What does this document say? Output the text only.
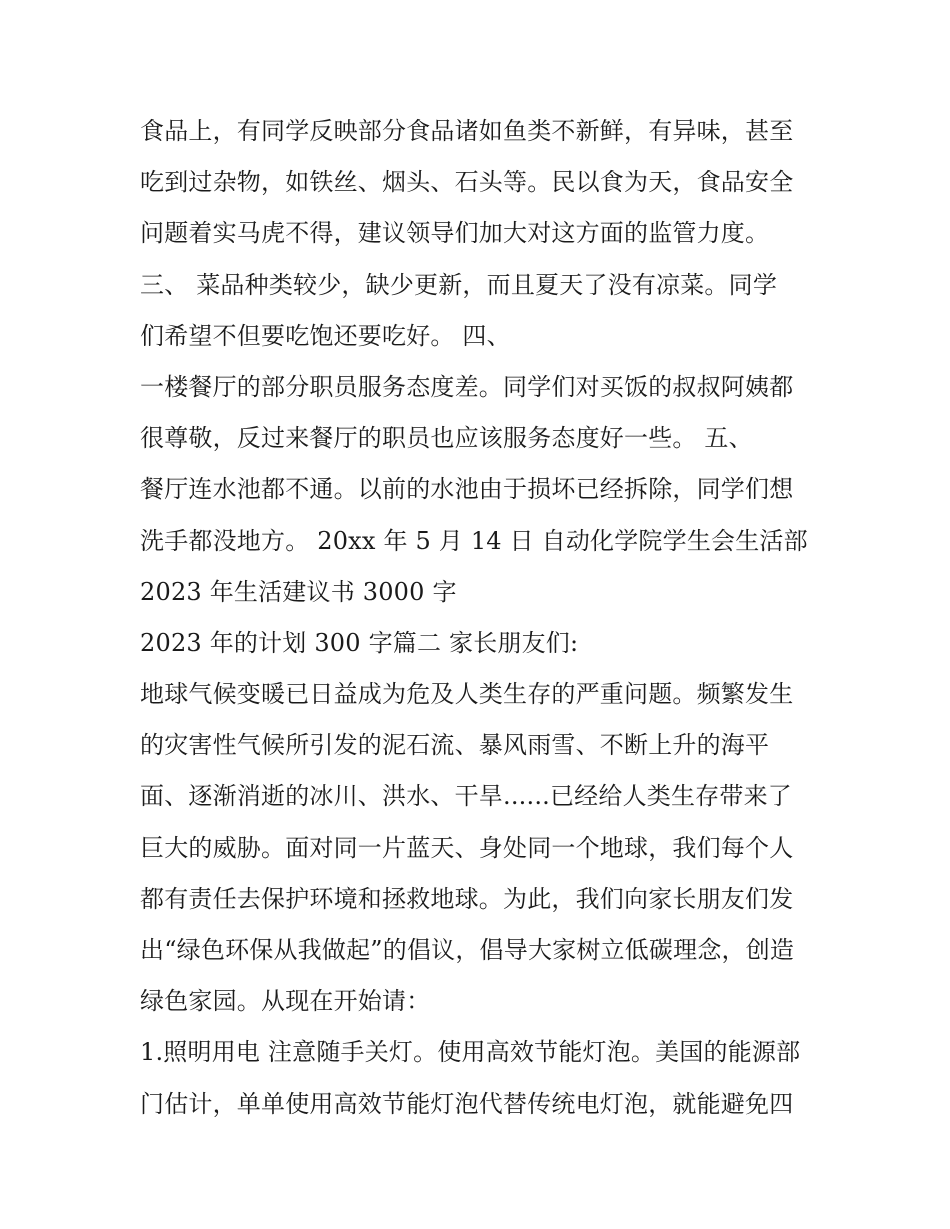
食品上，有同学反映部分食品诸如鱼类不新鲜，有异味，甚至
吃到过杂物，如铁丝、烟头、石头等。民以食为天，食品安全
问题着实马虎不得，建议领导们加大对这方面的监管力度。
三、 菜品种类较少，缺少更新，而且夏天了没有凉菜。同学
们希望不但要吃饱还要吃好。 四、
一楼餐厅的部分职员服务态度差。同学们对买饭的叔叔阿姨都
很尊敬，反过来餐厅的职员也应该服务态度好一些。 五、
餐厅连水池都不通。以前的水池由于损坏已经拆除，同学们想
洗手都没地方。 20xx 年 5 月 14 日 自动化学院学生会生活部
2023 年生活建议书 3000 字
2023 年的计划 300 字篇二 家长朋友们:
地球气候变暖已日益成为危及人类生存的严重问题。频繁发生
的灾害性气候所引发的泥石流、暴风雨雪、不断上升的海平
面、逐渐消逝的冰川、洪水、干旱......已经给人类生存带来了
巨大的威胁。面对同一片蓝天、身处同一个地球，我们每个人
都有责任去保护环境和拯救地球。为此，我们向家长朋友们发
出“绿色环保从我做起”的倡议，倡导大家树立低碳理念，创造
绿色家园。从现在开始请：
1.照明用电 注意随手关灯。使用高效节能灯泡。美国的能源部
门估计，单单使用高效节能灯泡代替传统电灯泡，就能避免四
